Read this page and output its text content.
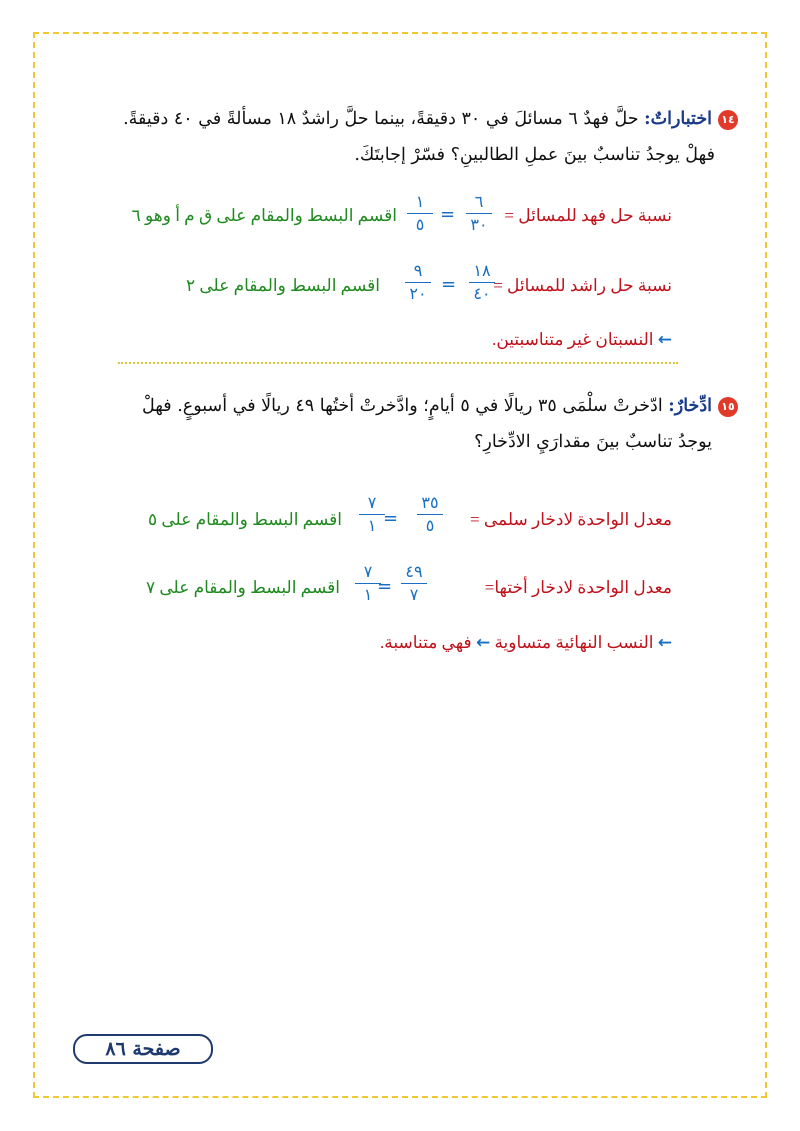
١٤اختباراتٌ: حلَّ فهدٌ ٦ مسائلَ في ٣٠ دقيقةً، بينما حلَّ راشدٌ ١٨ مسألةً في ٤٠ دقيقةً.
فهلْ يوجدُ تناسبٌ بينَ عملِ الطالبينِ؟ فسّرْ إجابتَكَ.
نسبة حل فهد للمسائل =
٦
٣٠
=
١
٥
اقسم البسط والمقام على ق م أ وهو ٦
نسبة حل راشد للمسائل =
١٨
٤٠
=
٩
٢٠
اقسم البسط والمقام على ٢
← النسبتان غير متناسبتين.
١٥ادِّخارٌ: ادّخرتْ سلْمَى ٣٥ ريالًا في ٥ أيامٍ؛ وادَّخرتْ أختُها ٤٩ ريالًا في أسبوعٍ. فهلْ
يوجدُ تناسبٌ بينَ مقدارَيِ الادِّخارِ؟
معدل الواحدة لادخار سلمى =
٣٥
٥
=
٧
١
اقسم البسط والمقام على ٥
معدل الواحدة لادخار أختها=
٤٩
٧
=
٧
١
اقسم البسط والمقام على ٧
← النسب النهائية متساوية ← فهي متناسبة.
صفحة ٨٦
